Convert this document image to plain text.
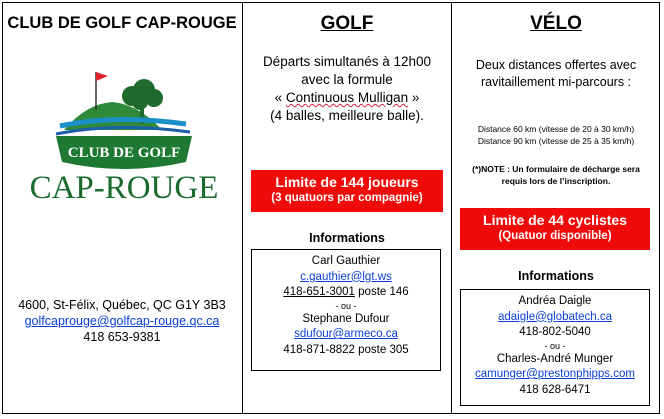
CLUB DE GOLF CAP-ROUGE
CLUB DE GOLF
CAP-ROUGE
4600, St-Félix, Québec, QC G1Y 3B3
golfcaprouge@golfcap-rouge.qc.ca
418 653-9381
GOLF
Départs simultanés à 12h00
avec la formule
« Continuous Mulligan »
(4 balles, meilleure balle).
Limite de 144 joueurs
(3 quatuors par compagnie)
Informations
Carl Gauthier
c.gauthier@lgt.ws
418-651-3001 poste 146
- ou -
Stephane Dufour
sdufour@armeco.ca
418-871-8822 poste 305
VÉLO
Deux distances offertes avec
ravitaillement mi-parcours :
Distance 60 km (vitesse de 20 à 30 km/h)
Distance 90 km (vitesse de 25 à 35 km/h)
(*)NOTE : Un formulaire de décharge sera
requis lors de l’inscription.
Limite de 44 cyclistes
(Quatuor disponible)
Informations
Andréa Daigle
adaigle@globatech.ca
418-802-5040
- ou -
Charles-André Munger
camunger@prestonphipps.com
418 628-6471
